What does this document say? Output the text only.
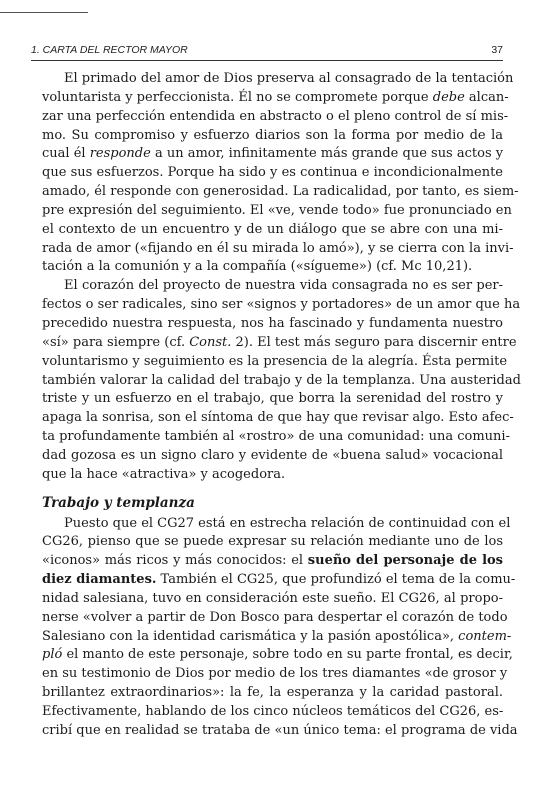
1. CARTA DEL RECTOR MAYOR	37
El primado del amor de Dios preserva al consagrado de la tentación
voluntarista y perfeccionista. Él no se compromete porque debe alcan-
zar una perfección entendida en abstracto o el pleno control de sí mis-
mo. Su compromiso y esfuerzo diarios son la forma por medio de la
cual él responde a un amor, infinitamente más grande que sus actos y
que sus esfuerzos. Porque ha sido y es continua e incondicionalmente
amado, él responde con generosidad. La radicalidad, por tanto, es siem-
pre expresión del seguimiento. El «ve, vende todo» fue pronunciado en
el contexto de un encuentro y de un diálogo que se abre con una mi-
rada de amor («fijando en él su mirada lo amó»), y se cierra con la invi-
tación a la comunión y a la compañía («sígueme») (cf. Mc 10,21).
El corazón del proyecto de nuestra vida consagrada no es ser per-
fectos o ser radicales, sino ser «signos y portadores» de un amor que ha
precedido nuestra respuesta, nos ha fascinado y fundamenta nuestro
«sí» para siempre (cf. Const. 2). El test más seguro para discernir entre
voluntarismo y seguimiento es la presencia de la alegría. Ésta permite
también valorar la calidad del trabajo y de la templanza. Una austeridad
triste y un esfuerzo en el trabajo, que borra la serenidad del rostro y
apaga la sonrisa, son el síntoma de que hay que revisar algo. Esto afec-
ta profundamente también al «rostro» de una comunidad: una comuni-
dad gozosa es un signo claro y evidente de «buena salud» vocacional
que la hace «atractiva» y acogedora.
Trabajo y templanza
Puesto que el CG27 está en estrecha relación de continuidad con el
CG26, pienso que se puede expresar su relación mediante uno de los
«iconos» más ricos y más conocidos: el sueño del personaje de los
diez diamantes. También el CG25, que profundizó el tema de la comu-
nidad salesiana, tuvo en consideración este sueño. El CG26, al propo-
nerse «volver a partir de Don Bosco para despertar el corazón de todo
Salesiano con la identidad carismática y la pasión apostólica», contem-
pló el manto de este personaje, sobre todo en su parte frontal, es decir,
en su testimonio de Dios por medio de los tres diamantes «de grosor y
brillantez extraordinarios»: la fe, la esperanza y la caridad pastoral.
Efectivamente, hablando de los cinco núcleos temáticos del CG26, es-
cribí que en realidad se trataba de «un único tema: el programa de vida
